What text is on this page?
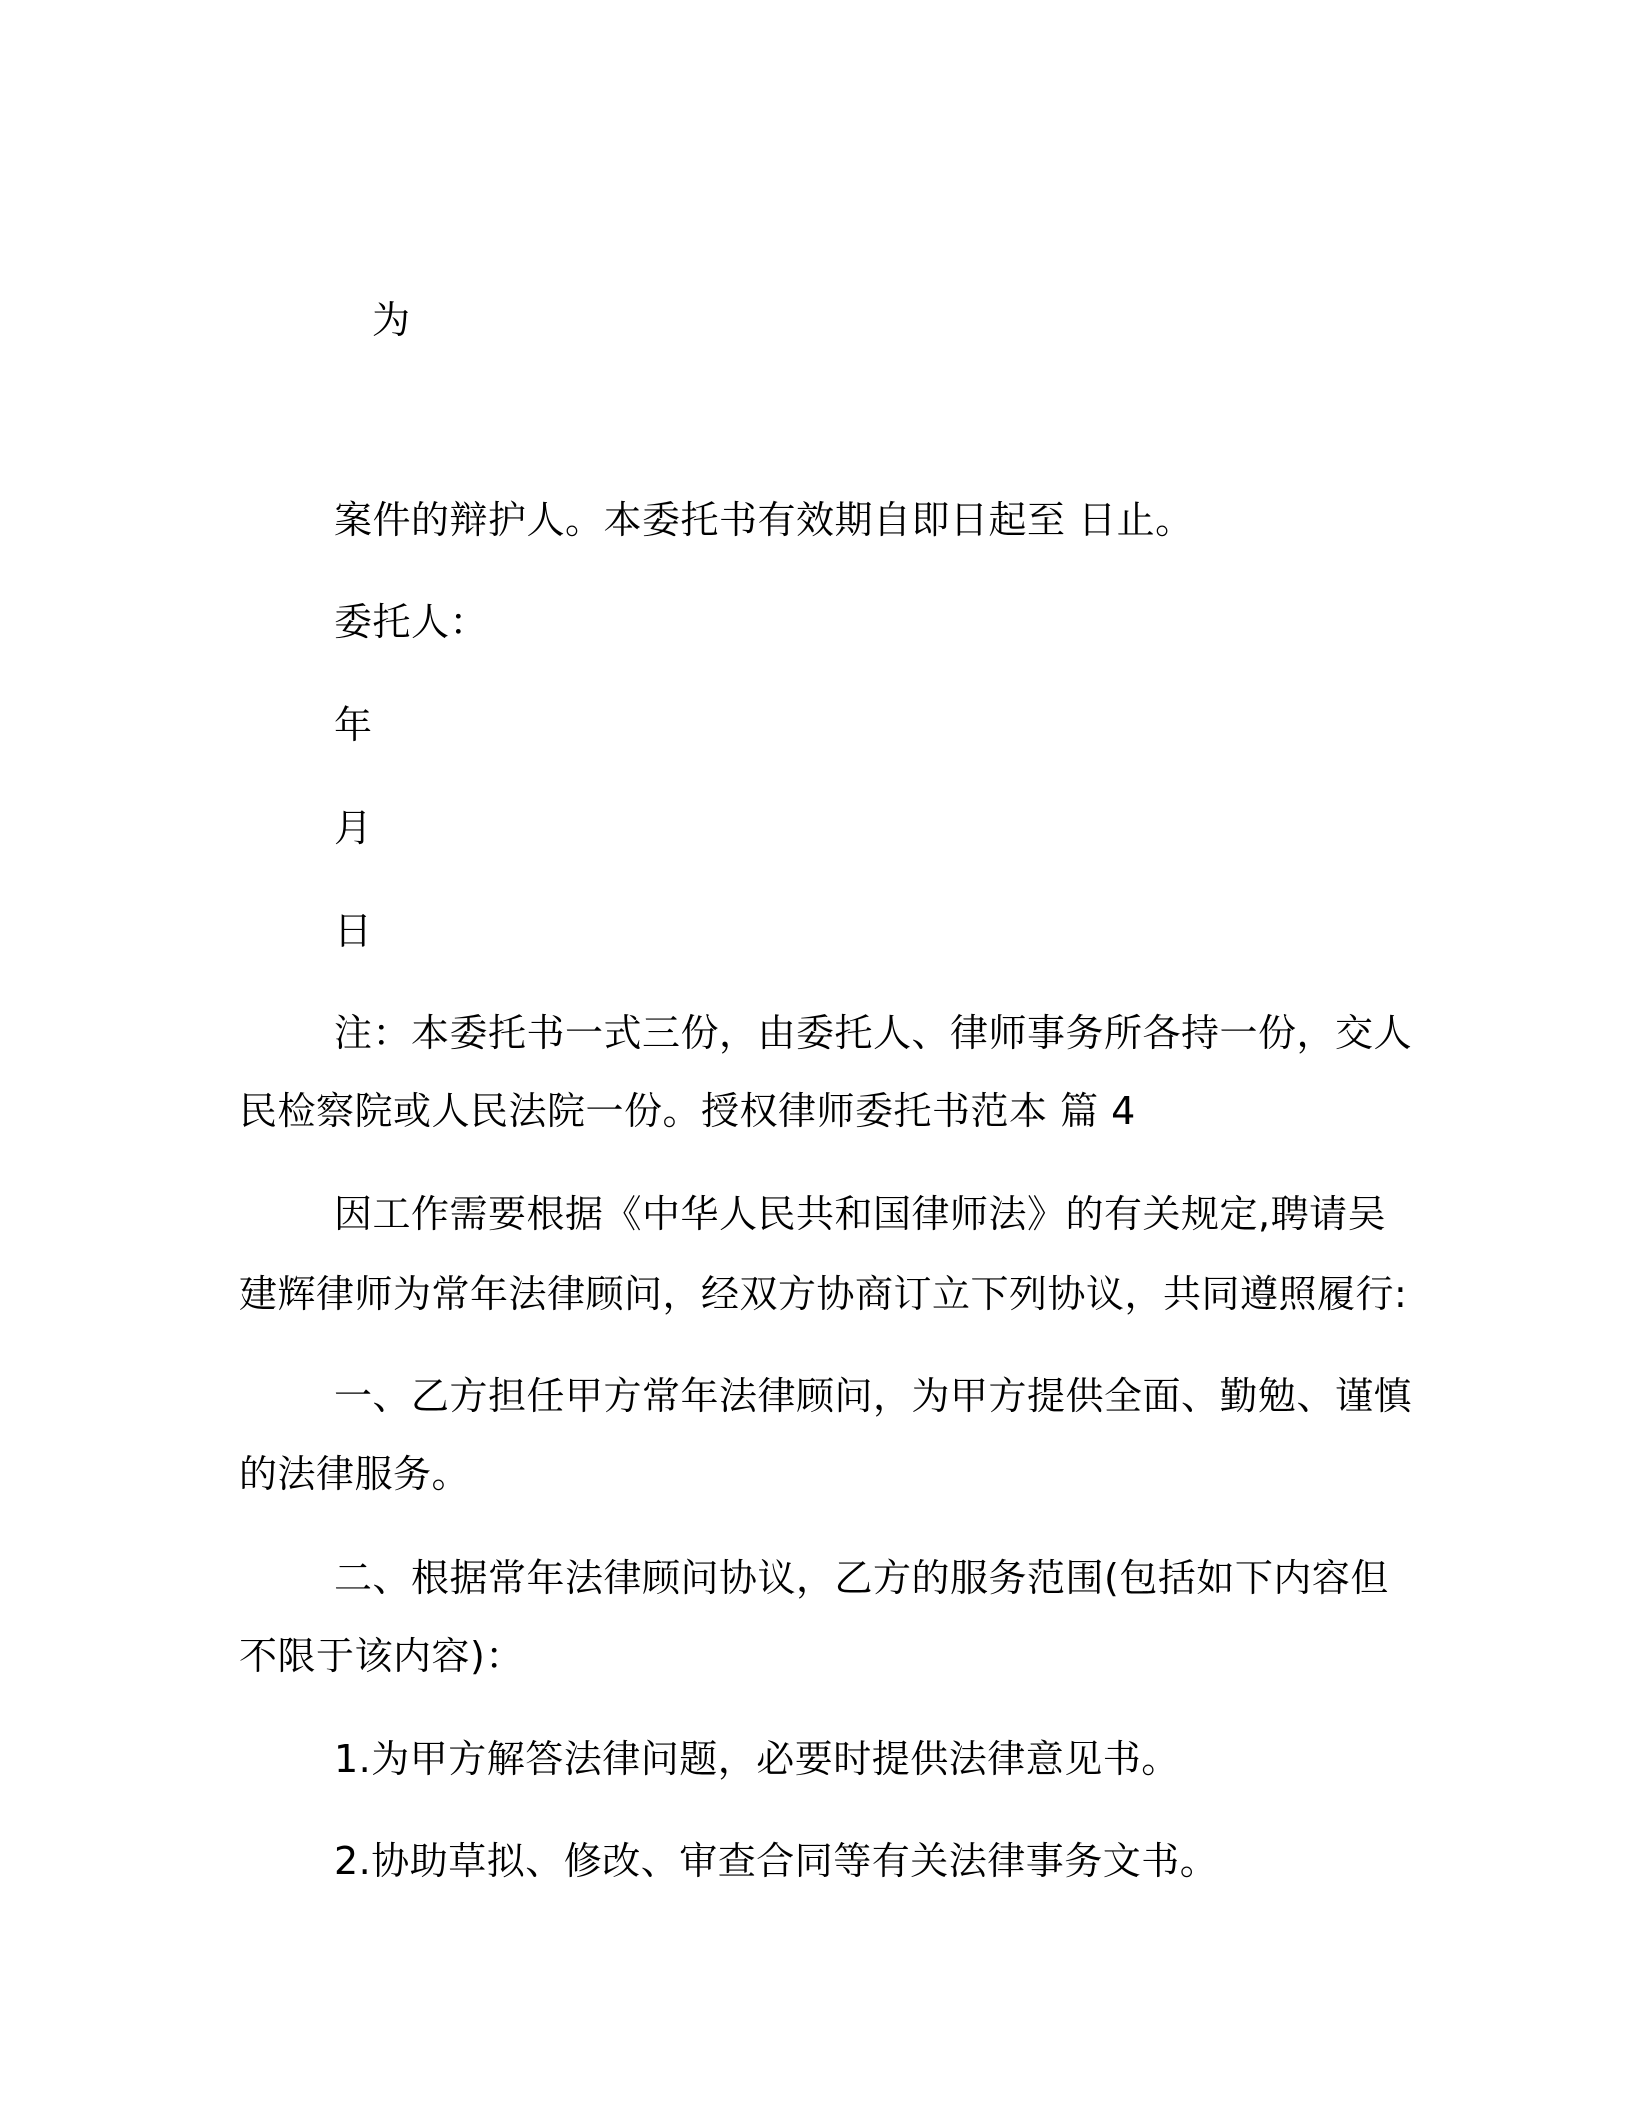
为
案件的辩护人。本委托书有效期自即日起至 日止。
委托人：
年
月
日
注：本委托书一式三份，由委托人、律师事务所各持一份，交人
民检察院或人民法院一份。授权律师委托书范本 篇 4
因工作需要根据《中华人民共和国律师法》的有关规定,聘请吴
建辉律师为常年法律顾问，经双方协商订立下列协议，共同遵照履行:
一、乙方担任甲方常年法律顾问，为甲方提供全面、勤勉、谨慎
的法律服务。
二、根据常年法律顾问协议，乙方的服务范围(包括如下内容但
不限于该内容)：
1.为甲方解答法律问题，必要时提供法律意见书。
2.协助草拟、修改、审查合同等有关法律事务文书。
